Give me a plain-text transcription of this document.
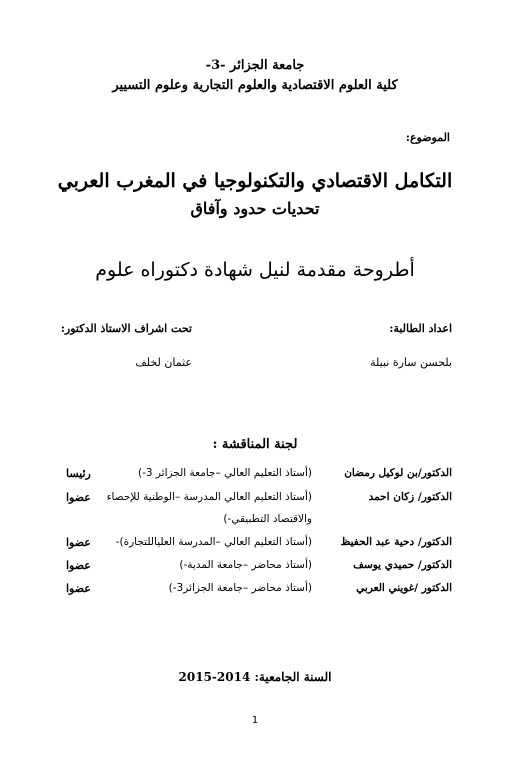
جامعة الجزائر -3-
كلية العلوم الاقتصادية والعلوم التجارية وعلوم التسيير
الموضوع:
التكامل الاقتصادي والتكنولوجيا في المغرب العربي
تحديات حدود وآفاق
أطروحة مقدمة لنيل شهادة دكتوراه علوم
اعداد الطالبة:
تحت اشراف الاستاذ الدكتور:
بلحسن سارة نبيلة
عثمان لخلف
لجنة المناقشة :
الدكتور/بن لوكيل رمضان
(أستاذ التعليم العالي –جامعة الجزائر 3-)
رئيسا
الدكتور/ زكان احمد
(أستاذ التعليم العالي المدرسة –الوطنية للإحصاء
عضوا
والاقتصاد التطبيقي-)
الدكتور/ دحية عبد الحفيظ
(أستاذ التعليم العالي –المدرسة العلياللتجارة)-
عضوا
الدكتور/ حميدي يوسف
(أستاذ محاضر –جامعة المدية-)
عضوا
الدكتور /غويني العربي
(أستاذ محاضر –جامعة الجزائر3-)
عضوا
السنة الجامعية: 2014-2015
1
